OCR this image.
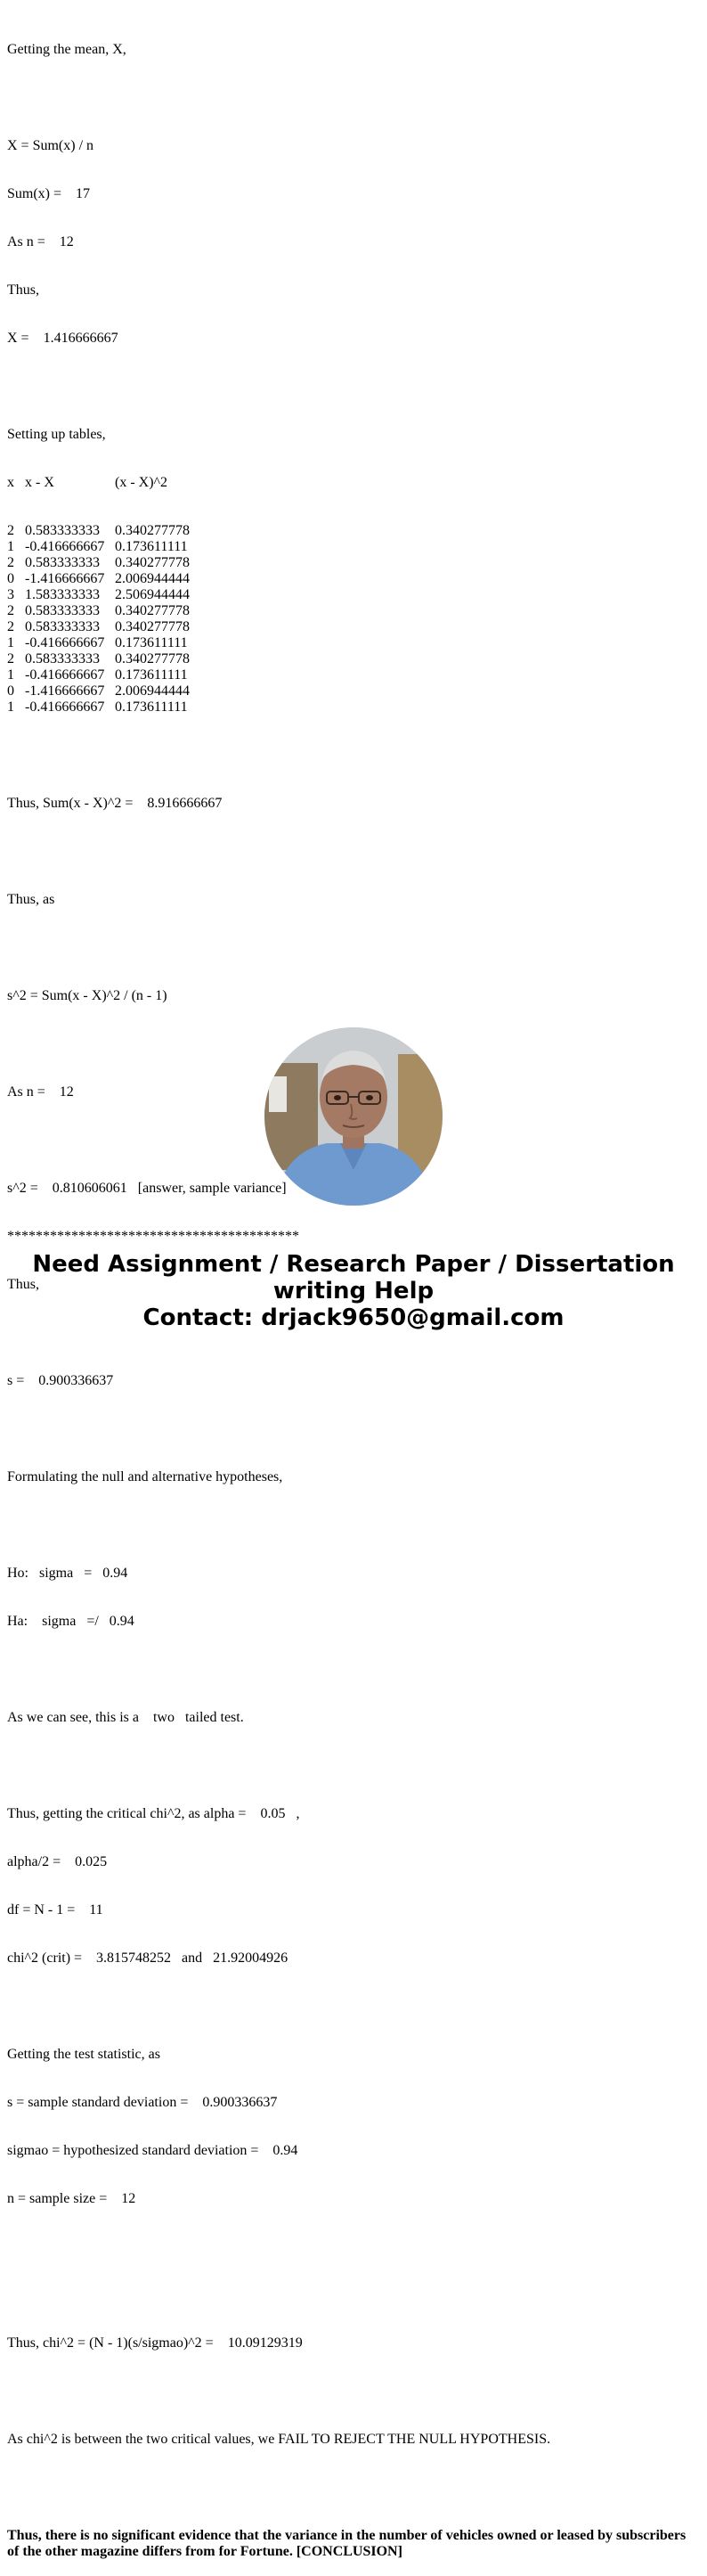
Getting the mean, X,

X = Sum(x) / n

Sum(x) =    17

As n =    12

Thus,

X =    1.416666667

Setting up tables,

x x - X	(x - X)^2

2 0.583333333 0.340277778
1 -0.416666667 0.173611111
2 0.583333333 0.340277778
0 -1.416666667 2.006944444
3 1.583333333 2.506944444
2 0.583333333 0.340277778
2 0.583333333 0.340277778
1 -0.416666667 0.173611111
2 0.583333333 0.340277778
1 -0.416666667 0.173611111
0 -1.416666667 2.006944444
1 -0.416666667 0.173611111

Thus, Sum(x - X)^2 =    8.916666667

Thus, as

s^2 = Sum(x - X)^2 / (n - 1)

As n =    12

s^2 =    0.810606061   [answer, sample variance]

*****************************************

Thus,

s =    0.900336637

Formulating the null and alternative hypotheses,

Ho:   sigma   =   0.94

Ha:    sigma   =/   0.94

As we can see, this is a    two   tailed test.

Thus, getting the critical chi^2, as alpha =    0.05   ,

alpha/2 =    0.025

df = N - 1 =    11

chi^2 (crit) =    3.815748252   and   21.92004926

Getting the test statistic, as

s = sample standard deviation =    0.900336637

sigmao = hypothesized standard deviation =    0.94

n = sample size =    12

Thus, chi^2 = (N - 1)(s/sigmao)^2 =    10.09129319

As chi^2 is between the two critical values, we FAIL TO REJECT THE NULL HYPOTHESIS.

Thus, there is no significant evidence that the variance in the number of vehicles owned or leased by subscribers of the other magazine differs from for Fortune. [CONCLUSION]

Need Assignment / Research Paper / Dissertation
writing Help
Contact: drjack9650@gmail.com
